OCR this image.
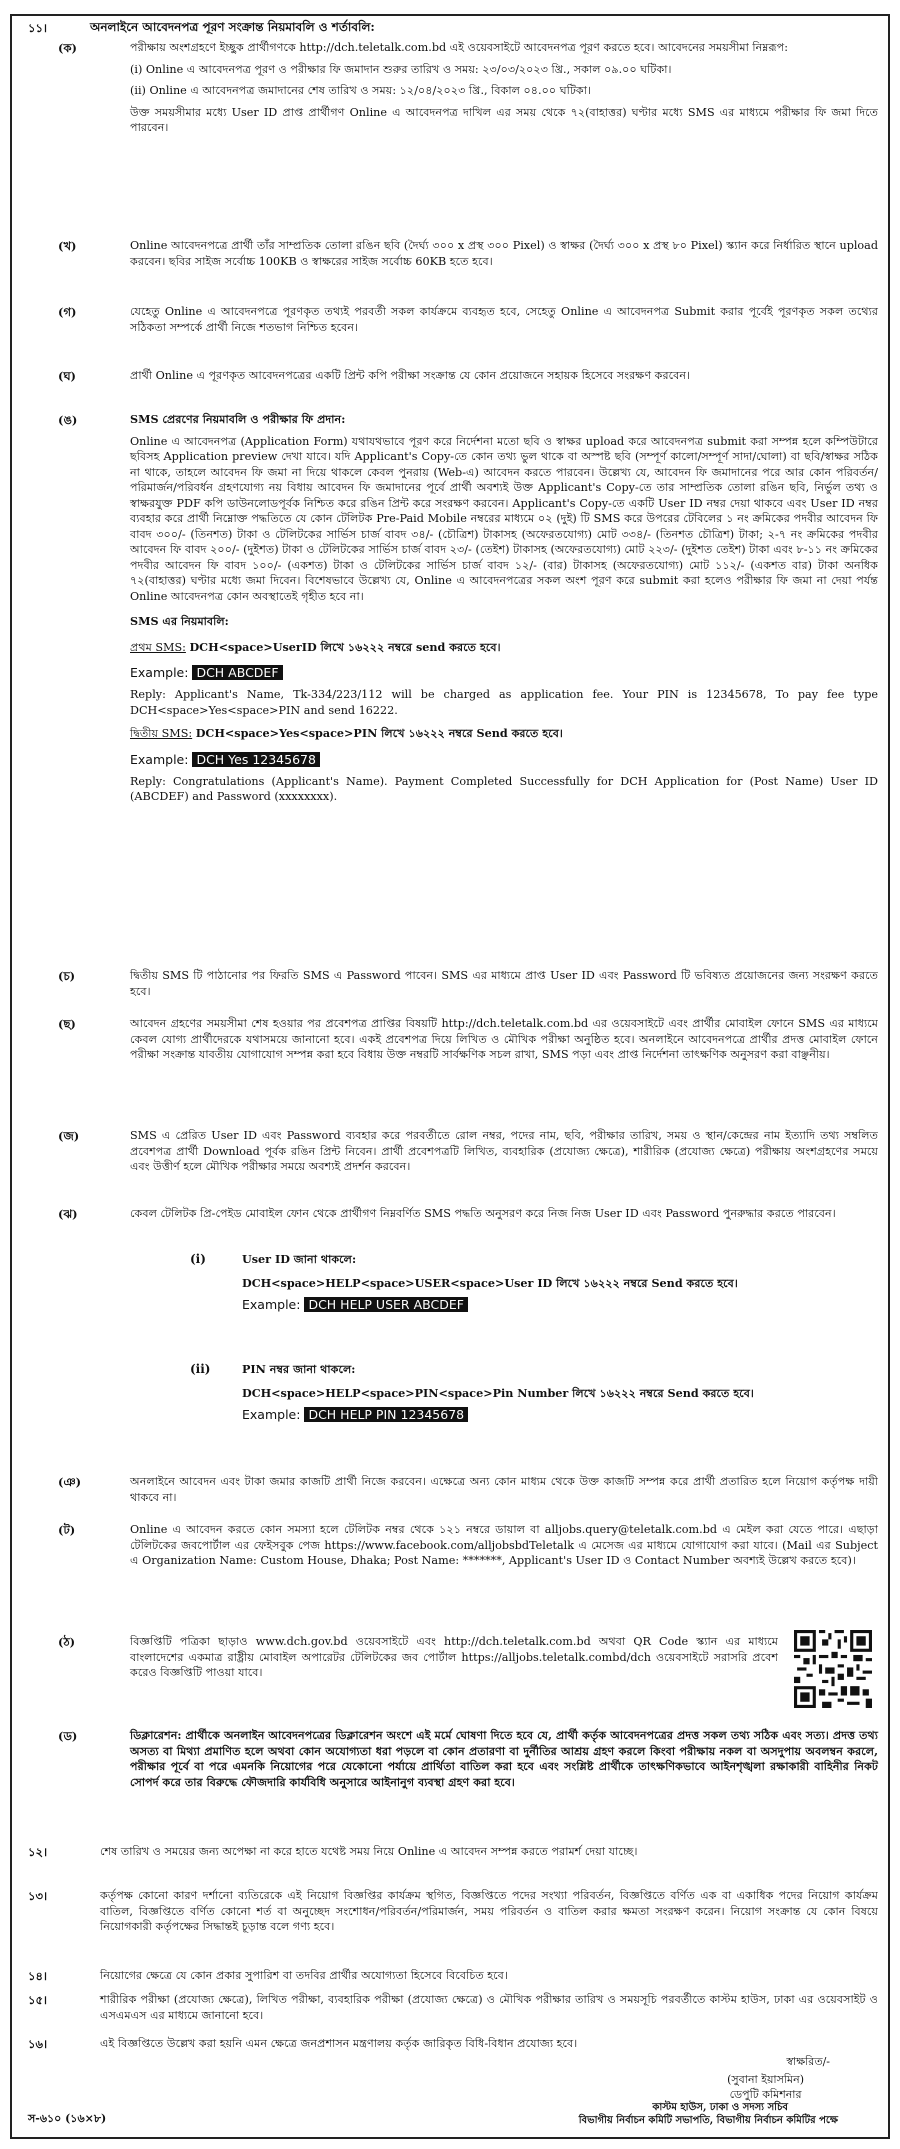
১১।	অনলাইনে আবেদনপত্র পূরণ সংক্রান্ত নিয়মাবলি ও শর্তাবলি:
(ক)	পরীক্ষায় অংশগ্রহণে ইচ্ছুক প্রার্থীগণকে http://dch.teletalk.com.bd এই ওয়েবসাইটে আবেদনপত্র পূরণ করতে হবে। আবেদনের সময়সীমা নিম্নরূপ:

(i) Online এ আবেদনপত্র পূরণ ও পরীক্ষার ফি জমাদান শুরুর তারিখ ও সময়: ২৩/০৩/২০২৩ খ্রি., সকাল ০৯.০০ ঘটিকা।

(ii) Online এ আবেদনপত্র জমাদানের শেষ তারিখ ও সময়: ১২/০৪/২০২৩ খ্রি., বিকাল ০৪.০০ ঘটিকা।

উক্ত সময়সীমার মধ্যে User ID প্রাপ্ত প্রার্থীগণ Online এ আবেদনপত্র দাখিল এর সময় থেকে ৭২(বাহাত্তর) ঘণ্টার মধ্যে SMS এর মাধ্যমে পরীক্ষার ফি জমা দিতে পারবেন।

(খ)	Online আবেদনপত্রে প্রার্থী তাঁর সাম্প্রতিক তোলা রঙিন ছবি (দৈর্ঘ্য ৩০০ x প্রস্থ ৩০০ Pixel) ও স্বাক্ষর (দৈর্ঘ্য ৩০০ x প্রস্থ ৮০ Pixel) স্ক্যান করে নির্ধারিত স্থানে upload করবেন। ছবির সাইজ সর্বোচ্চ 100KB ও স্বাক্ষরের সাইজ সর্বোচ্চ 60KB হতে হবে।

(গ)	যেহেতু Online এ আবেদনপত্রে পূরণকৃত তথ্যই পরবর্তী সকল কার্যক্রমে ব্যবহৃত হবে, সেহেতু Online এ আবেদনপত্র Submit করার পূর্বেই পূরণকৃত সকল তথ্যের সঠিকতা সম্পর্কে প্রার্থী নিজে শতভাগ নিশ্চিত হবেন।

(ঘ)	প্রার্থী Online এ পূরণকৃত আবেদনপত্রের একটি প্রিন্ট কপি পরীক্ষা সংক্রান্ত যে কোন প্রয়োজনে সহায়ক হিসেবে সংরক্ষণ করবেন।

(ঙ)	SMS প্রেরণের নিয়মাবলি ও পরীক্ষার ফি প্রদান:

Online এ আবেদনপত্র (Application Form) যথাযথভাবে পূরণ করে নির্দেশনা মতো ছবি ও স্বাক্ষর upload করে আবেদনপত্র submit করা সম্পন্ন হলে কম্পিউটারে ছবিসহ Application preview দেখা যাবে। যদি Applicant's Copy-তে কোন তথ্য ভুল থাকে বা অস্পষ্ট ছবি (সম্পূর্ণ কালো/সম্পূর্ণ সাদা/ঘোলা) বা ছবি/স্বাক্ষর সঠিক না থাকে, তাহলে আবেদন ফি জমা না দিয়ে থাকলে কেবল পুনরায় (Web-এ) আবেদন করতে পারবেন। উল্লেখ্য যে, আবেদন ফি জমাদানের পরে আর কোন পরিবর্তন/পরিমার্জন/পরিবর্ধন গ্রহণযোগ্য নয় বিধায় আবেদন ফি জমাদানের পূর্বে প্রার্থী অবশ্যই উক্ত Applicant's Copy-তে তার সাম্প্রতিক তোলা রঙিন ছবি, নির্ভুল তথ্য ও স্বাক্ষরযুক্ত PDF কপি ডাউনলোডপূর্বক নিশ্চিত করে রঙিন প্রিন্ট করে সংরক্ষণ করবেন। Applicant's Copy-তে একটি User ID নম্বর দেয়া থাকবে এবং User ID নম্বর ব্যবহার করে প্রার্থী নিম্নোক্ত পদ্ধতিতে যে কোন টেলিটক Pre-Paid Mobile নম্বরের মাধ্যমে ০২ (দুই) টি SMS করে উপরের টেবিলের ১ নং ক্রমিকের পদবীর আবেদন ফি বাবদ ৩০০/- (তিনশত) টাকা ও টেলিটকের সার্ভিস চার্জ বাবদ ৩৪/- (চৌত্রিশ) টাকাসহ (অফেরতযোগ্য) মোট ৩৩৪/- (তিনশত চৌত্রিশ) টাকা; ২-৭ নং ক্রমিকের পদবীর আবেদন ফি বাবদ ২০০/- (দুইশত) টাকা ও টেলিটকের সার্ভিস চার্জ বাবদ ২৩/- (তেইশ) টাকাসহ (অফেরতযোগ্য) মোট ২২৩/- (দুইশত তেইশ) টাকা এবং ৮-১১ নং ক্রমিকের পদবীর আবেদন ফি বাবদ ১০০/- (একশত) টাকা ও টেলিটকের সার্ভিস চার্জ বাবদ ১২/- (বার) টাকাসহ (অফেরতযোগ্য) মোট ১১২/- (একশত বার) টাকা অনধিক ৭২(বাহাত্তর) ঘণ্টার মধ্যে জমা দিবেন। বিশেষভাবে উল্লেখ্য যে, Online এ আবেদনপত্রের সকল অংশ পূরণ করে submit করা হলেও পরীক্ষার ফি জমা না দেয়া পর্যন্ত Online আবেদনপত্র কোন অবস্থাতেই গৃহীত হবে না।

SMS এর নিয়মাবলি:

প্রথম SMS: DCH<space>UserID লিখে ১৬২২২ নম্বরে send করতে হবে।

Example: DCH ABCDEF

Reply: Applicant's Name, Tk-334/223/112 will be charged as application fee. Your PIN is 12345678, To pay fee type DCH<space>Yes<space>PIN and send 16222.

দ্বিতীয় SMS: DCH<space>Yes<space>PIN লিখে ১৬২২২ নম্বরে Send করতে হবে।

Example: DCH Yes 12345678

Reply: Congratulations (Applicant's Name). Payment Completed Successfully for DCH Application for (Post Name) User ID (ABCDEF) and Password (xxxxxxxx).

(চ)	দ্বিতীয় SMS টি পাঠানোর পর ফিরতি SMS এ Password পাবেন। SMS এর মাধ্যমে প্রাপ্ত User ID এবং Password টি ভবিষ্যত প্রয়োজনের জন্য সংরক্ষণ করতে হবে।

(ছ)	আবেদন গ্রহণের সময়সীমা শেষ হওয়ার পর প্রবেশপত্র প্রাপ্তির বিষয়টি http://dch.teletalk.com.bd এর ওয়েবসাইটে এবং প্রার্থীর মোবাইল ফোনে SMS এর মাধ্যমে কেবল যোগ্য প্রার্থীদেরকে যথাসময়ে জানানো হবে। একই প্রবেশপত্র দিয়ে লিখিত ও মৌখিক পরীক্ষা অনুষ্ঠিত হবে। অনলাইনে আবেদনপত্রে প্রার্থীর প্রদত্ত মোবাইল ফোনে পরীক্ষা সংক্রান্ত যাবতীয় যোগাযোগ সম্পন্ন করা হবে বিধায় উক্ত নম্বরটি সার্বক্ষণিক সচল রাখা, SMS পড়া এবং প্রাপ্ত নির্দেশনা তাৎক্ষণিক অনুসরণ করা বাঞ্ছনীয়।

(জ)	SMS এ প্রেরিত User ID এবং Password ব্যবহার করে পরবর্তীতে রোল নম্বর, পদের নাম, ছবি, পরীক্ষার তারিখ, সময় ও স্থান/কেন্দ্রের নাম ইত্যাদি তথ্য সম্বলিত প্রবেশপত্র প্রার্থী Download পূর্বক রঙিন প্রিন্ট নিবেন। প্রার্থী প্রবেশপত্রটি লিখিত, ব্যবহারিক (প্রযোজ্য ক্ষেত্রে), শারীরিক (প্রযোজ্য ক্ষেত্রে) পরীক্ষায় অংশগ্রহণের সময়ে এবং উত্তীর্ণ হলে মৌখিক পরীক্ষার সময়ে অবশ্যই প্রদর্শন করবেন।

(ঝ)	কেবল টেলিটক প্রি-পেইড মোবাইল ফোন থেকে প্রার্থীগণ নিম্নবর্ণিত SMS পদ্ধতি অনুসরণ করে নিজ নিজ User ID এবং Password পুনরুদ্ধার করতে পারবেন।

(i)	User ID জানা থাকলে:

DCH<space>HELP<space>USER<space>User ID লিখে ১৬২২২ নম্বরে Send করতে হবে।

Example: DCH HELP USER ABCDEF

(ii)	PIN নম্বর জানা থাকলে:

DCH<space>HELP<space>PIN<space>Pin Number লিখে ১৬২২২ নম্বরে Send করতে হবে।

Example: DCH HELP PIN 12345678

(ঞ)	অনলাইনে আবেদন এবং টাকা জমার কাজটি প্রার্থী নিজে করবেন। এক্ষেত্রে অন্য কোন মাধ্যম থেকে উক্ত কাজটি সম্পন্ন করে প্রার্থী প্রতারিত হলে নিয়োগ কর্তৃপক্ষ দায়ী থাকবে না।

(ট)	Online এ আবেদন করতে কোন সমস্যা হলে টেলিটক নম্বর থেকে ১২১ নম্বরে ডায়াল বা alljobs.query@teletalk.com.bd এ মেইল করা যেতে পারে। এছাড়া টেলিটকের জবপোর্টাল এর ফেইসবুক পেজ https://www.facebook.com/alljobsbdTeletalk এ মেসেজ এর মাধ্যমে যোগাযোগ করা যাবে। (Mail এর Subject এ Organization Name: Custom House, Dhaka; Post Name: *******, Applicant's User ID ও Contact Number অবশ্যই উল্লেখ করতে হবে)।

(ঠ)	বিজ্ঞপ্তিটি পত্রিকা ছাড়াও www.dch.gov.bd ওয়েবসাইটে এবং http://dch.teletalk.com.bd অথবা QR Code স্ক্যান এর মাধ্যমে বাংলাদেশের একমাত্র রাষ্ট্রীয় মোবাইল অপারেটর টেলিটকের জব পোর্টাল https://alljobs.teletalk.combd/dch ওয়েবসাইটে সরাসরি প্রবেশ করেও বিজ্ঞপ্তিটি পাওয়া যাবে।

(ড)	ডিক্লারেশন: প্রার্থীকে অনলাইন আবেদনপত্রের ডিক্লারেশন অংশে এই মর্মে ঘোষণা দিতে হবে যে, প্রার্থী কর্তৃক আবেদনপত্রের প্রদত্ত সকল তথ্য সঠিক এবং সত্য। প্রদত্ত তথ্য অসত্য বা মিথ্যা প্রমাণিত হলে অথবা কোন অযোগ্যতা ধরা পড়লে বা কোন প্রতারণা বা দুর্নীতির আশ্রয় গ্রহণ করলে কিংবা পরীক্ষায় নকল বা অসদুপায় অবলম্বন করলে, পরীক্ষার পূর্বে বা পরে এমনকি নিয়োগের পরে যেকোনো পর্যায়ে প্রার্থিতা বাতিল করা হবে এবং সংশ্লিষ্ট প্রার্থীকে তাৎক্ষণিকভাবে আইনশৃঙ্খলা রক্ষাকারী বাহিনীর নিকট সোপর্দ করে তার বিরুদ্ধে ফৌজদারি কার্যবিধি অনুসারে আইনানুগ ব্যবস্থা গ্রহণ করা হবে।

১২।	শেষ তারিখ ও সময়ের জন্য অপেক্ষা না করে হাতে যথেষ্ট সময় নিয়ে Online এ আবেদন সম্পন্ন করতে পরামর্শ দেয়া যাচ্ছে।

১৩।	কর্তৃপক্ষ কোনো কারণ দর্শানো ব্যতিরেকে এই নিয়োগ বিজ্ঞপ্তির কার্যক্রম স্থগিত, বিজ্ঞপ্তিতে পদের সংখ্যা পরিবর্তন, বিজ্ঞপ্তিতে বর্ণিত এক বা একাধিক পদের নিয়োগ কার্যক্রম বাতিল, বিজ্ঞপ্তিতে বর্ণিত কোনো শর্ত বা অনুচ্ছেদ সংশোধন/পরিবর্তন/পরিমার্জন, সময় পরিবর্তন ও বাতিল করার ক্ষমতা সংরক্ষণ করেন। নিয়োগ সংক্রান্ত যে কোন বিষয়ে নিয়োগকারী কর্তৃপক্ষের সিদ্ধান্তই চূড়ান্ত বলে গণ্য হবে।

১৪।	নিয়োগের ক্ষেত্রে যে কোন প্রকার সুপারিশ বা তদবির প্রার্থীর অযোগ্যতা হিসেবে বিবেচিত হবে।

১৫।	শারীরিক পরীক্ষা (প্রযোজ্য ক্ষেত্রে), লিখিত পরীক্ষা, ব্যবহারিক পরীক্ষা (প্রযোজ্য ক্ষেত্রে) ও মৌখিক পরীক্ষার তারিখ ও সময়সূচি পরবর্তীতে কাস্টম হাউস, ঢাকা এর ওয়েবসাইট ও এসএমএস এর মাধ্যমে জানানো হবে।

১৬।	এই বিজ্ঞপ্তিতে উল্লেখ করা হয়নি এমন ক্ষেত্রে জনপ্রশাসন মন্ত্রণালয় কর্তৃক জারিকৃত বিধি-বিধান প্রযোজ্য হবে।

স্বাক্ষরিত/-
(সুবানা ইয়াসমিন)
ডেপুটি কমিশনার
কাস্টম হাউস, ঢাকা ও সদস্য সচিব
বিভাগীয় নির্বাচন কমিটি সভাপতি, বিভাগীয় নির্বাচন কমিটির পক্ষে
স-৬১০ (১৬×৮)
